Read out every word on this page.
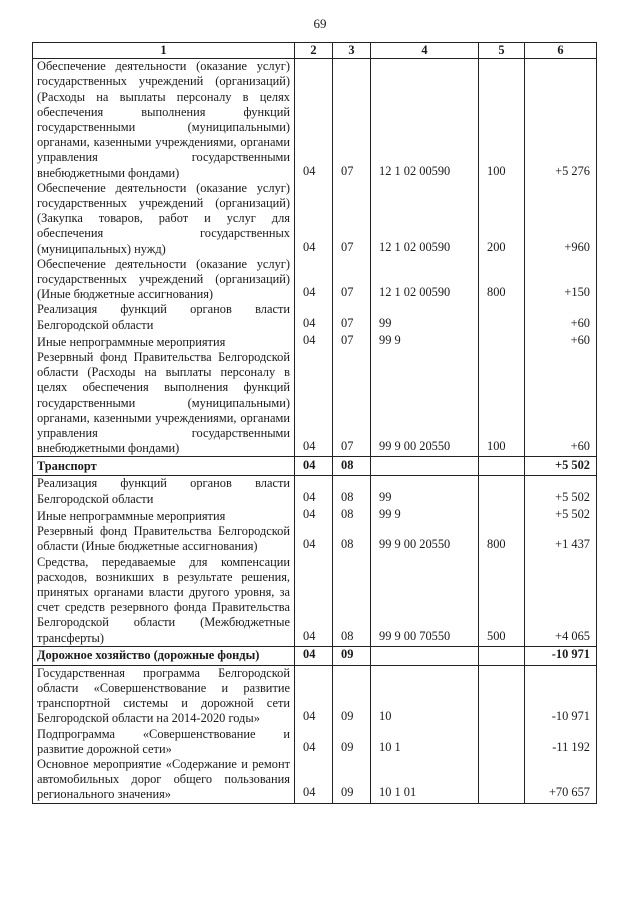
69
1	2	3	4	5	6
Обеспечение деятельности (оказание услуг) государственных учреждений (организаций) (Расходы на выплаты персоналу в целях обеспечения выполнения функций государственными (муниципальными) органами, казенными учреждениями, органами управления государственными внебюджетными фондами)	04	07	12 1 02 00590	100	+5 276
Обеспечение деятельности (оказание услуг) государственных учреждений (организаций) (Закупка товаров, работ и услуг для обеспечения государственных (муниципальных) нужд)	04	07	12 1 02 00590	200	+960
Обеспечение деятельности (оказание услуг) государственных учреждений (организаций) (Иные бюджетные ассигнования)	04	07	12 1 02 00590	800	+150
Реализация функций органов власти Белгородской области	04	07	99		+60
Иные непрограммные мероприятия	04	07	99 9		+60
Резервный фонд Правительства Белгородской области (Расходы на выплаты персоналу в целях обеспечения выполнения функций государственными (муниципальными) органами, казенными учреждениями, органами управления государственными внебюджетными фондами)	04	07	99 9 00 20550	100	+60
Транспорт	04	08			+5 502
Реализация функций органов власти Белгородской области	04	08	99		+5 502
Иные непрограммные мероприятия	04	08	99 9		+5 502
Резервный фонд Правительства Белгородской области (Иные бюджетные ассигнования)	04	08	99 9 00 20550	800	+1 437
Средства, передаваемые для компенсации расходов, возникших в результате решения, принятых органами власти другого уровня, за счет средств резервного фонда Правительства Белгородской области (Межбюджетные трансферты)	04	08	99 9 00 70550	500	+4 065
Дорожное хозяйство (дорожные фонды)	04	09			-10 971
Государственная программа Белгородской области «Совершенствование и развитие транспортной системы и дорожной сети Белгородской области на 2014-2020 годы»	04	09	10		-10 971
Подпрограмма «Совершенствование и развитие дорожной сети»	04	09	10 1		-11 192
Основное мероприятие «Содержание и ремонт автомобильных дорог общего пользования регионального значения»	04	09	10 1 01		+70 657
